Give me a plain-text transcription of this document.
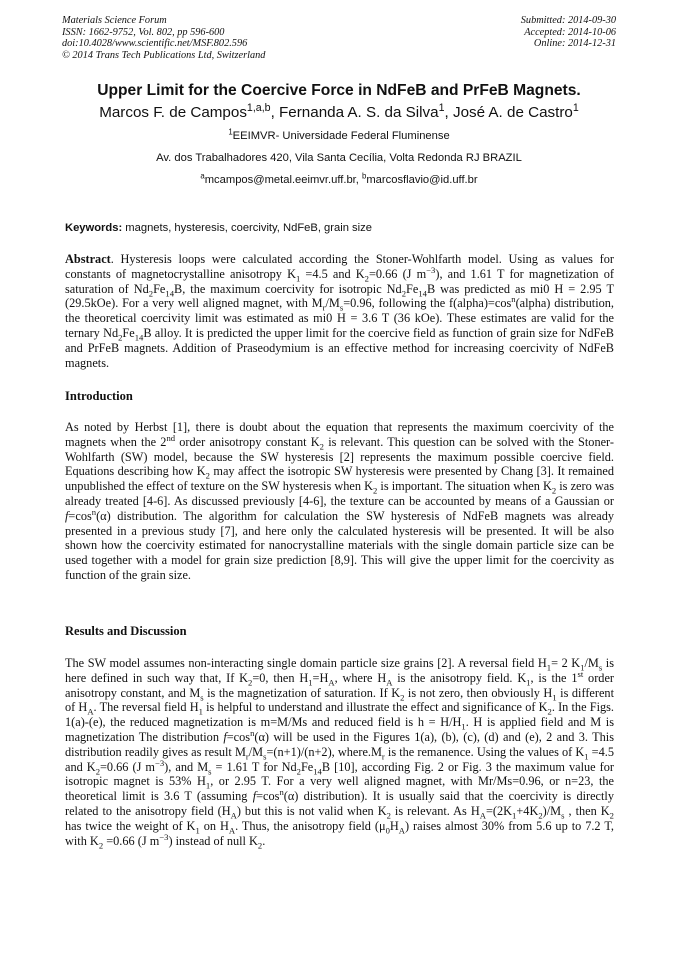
Materials Science Forum
ISSN: 1662-9752, Vol. 802, pp 596-600
doi:10.4028/www.scientific.net/MSF.802.596
© 2014 Trans Tech Publications Ltd, Switzerland
Submitted: 2014-09-30
Accepted: 2014-10-06
Online: 2014-12-31
Upper Limit for the Coercive Force in NdFeB and PrFeB Magnets.
Marcos F. de Campos$^{1,a,b}$, Fernanda A. S. da Silva$^1$, José A. de Castro$^1$
$^1$EEIMVR- Universidade Federal Fluminense
Av. dos Trabalhadores 420, Vila Santa Cecília, Volta Redonda RJ BRAZIL
$^a$mcampos@metal.eeimvr.uff.br, $^b$marcosflavio@id.uff.br
Keywords: magnets, hysteresis, coercivity, NdFeB, grain size
Abstract. Hysteresis loops were calculated according the Stoner-Wohlfarth model. Using as values for constants of magnetocrystalline anisotropy $K_1 =4.5$ and $K_2=0.66$ (J $m^{-3}$), and 1.61 T for magnetization of saturation of $Nd_2Fe_{14}B$, the maximum coercivity for isotropic $Nd_2Fe_{14}B$ was predicted as mi0 H = 2.95 T (29.5kOe). For a very well aligned magnet, with $M_r/M_s=0.96$, following the $f(alpha)=\cos^n(alpha)$ distribution, the theoretical coercivity limit was estimated as mi0 H = 3.6 T (36 kOe). These estimates are valid for the ternary $Nd_2Fe_{14}B$ alloy. It is predicted the upper limit for the coercive field as function of grain size for NdFeB and PrFeB magnets. Addition of Praseodymium is an effective method for increasing coercivity of NdFeB magnets.
Introduction
As noted by Herbst [1], there is doubt about the equation that represents the maximum coercivity of the magnets when the 2nd order anisotropy constant $K_2$ is relevant. This question can be solved with the Stoner-Wohlfarth (SW) model, because the SW hysteresis [2] represents the maximum possible coercive field. Equations describing how $K_2$ may affect the isotropic SW hysteresis were presented by Chang [3]. It remained unpublished the effect of texture on the SW hysteresis when $K_2$ is important. The situation when $K_2$ is zero was already treated [4-6]. As discussed previously [4-6], the texture can be accounted by means of a Gaussian or $f=\cos^n(\alpha)$ distribution. The algorithm for calculation the SW hysteresis of NdFeB magnets was already presented in a previous study [7], and here only the calculated hysteresis will be presented. It will be also shown how the coercivity estimated for nanocrystalline materials with the single domain particle size can be used together with a model for grain size prediction [8,9]. This will give the upper limit for the coercivity as function of the grain size.
Results and Discussion
The SW model assumes non-interacting single domain particle size grains [2]. A reversal field $H_1= 2$ $K_1/M_s$ is here defined in such way that, If $K_2=0$, then $H_1=H_A$, where $H_A$ is the anisotropy field. $K_1$, is the 1st order anisotropy constant, and $M_s$ is the magnetization of saturation. If $K_2$ is not zero, then obviously $H_1$ is different of $H_A$. The reversal field $H_1$ is helpful to understand and illustrate the effect and significance of $K_2$. In the Figs. 1(a)-(e), the reduced magnetization is m=M/Ms and reduced field is $h = H/H_1$. H is applied field and M is magnetization The distribution $f=\cos^n(\alpha)$ will be used in the Figures 1(a), (b), (c), (d) and (e), 2 and 3. This distribution readily gives as result $M_r/M_s=(n+1)/(n+2)$, $where.M_r$ is the remanence. Using the values of $K_1 =4.5$ and $K_2=0.66$ (J $m^{-3}$), and $M_s = 1.61$ T for $Nd_2Fe_{14}B$ [10], according Fig. 2 or Fig. 3 the maximum value for isotropic magnet is 53% $H_1$, or 2.95 T. For a very well aligned magnet, with Mr/Ms=0.96, or n=23, the theoretical limit is 3.6 T (assuming $f=\cos^n(\alpha)$ distribution). It is usually said that the coercivity is directly related to the anisotropy field $(H_A)$ but this is not valid when $K_2$ is relevant. As $H_A=(2K_1+4K_2)/M_s$ , then $K_2$ has twice the weight of $K_1$ on $H_A$. Thus, the anisotropy field $(\mu_0H_A)$ raises almost 30% from 5.6 up to 7.2 T, with $K_2 =0.66$ (J $m^{-3}$) instead of null $K_2$.
